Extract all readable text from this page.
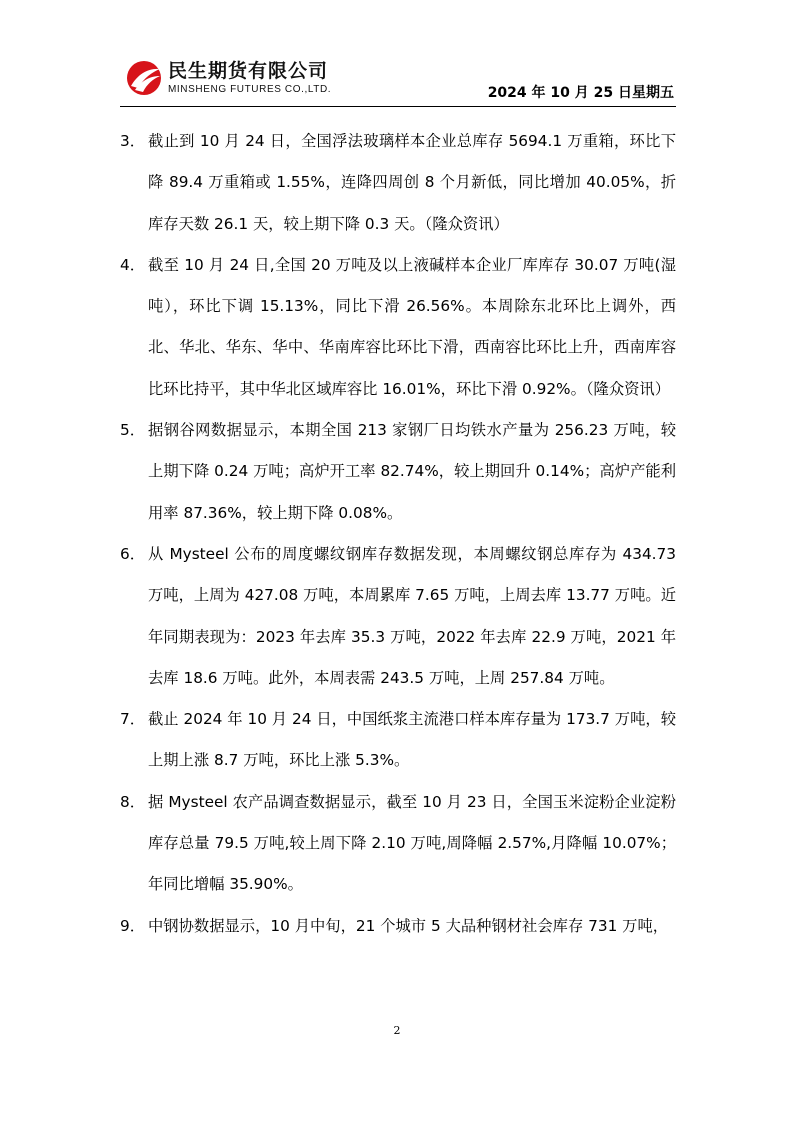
民生期货有限公司
MINSHENG FUTURES CO.,LTD.	2024 年 10 月 25 日星期五
3． 截止到 10 月 24 日，全国浮法玻璃样本企业总库存 5694.1 万重箱，环比下降 89.4 万重箱或 1.55%，连降四周创 8 个月新低，同比增加 40.05%，折库存天数 26.1 天，较上期下降 0.3 天。（隆众资讯）
4． 截至 10 月 24 日,全国 20 万吨及以上液碱样本企业厂库库存 30.07 万吨(湿吨），环比下调 15.13%，同比下滑 26.56%。本周除东北环比上调外，西北、华北、华东、华中、华南库容比环比下滑，西南容比环比上升，西南库容比环比持平，其中华北区域库容比 16.01%，环比下滑 0.92%。（隆众资讯）
5． 据钢谷网数据显示，本期全国 213 家钢厂日均铁水产量为 256.23 万吨，较上期下降 0.24 万吨；高炉开工率 82.74%，较上期回升 0.14%；高炉产能利用率 87.36%，较上期下降 0.08%。
6． 从 Mysteel 公布的周度螺纹钢库存数据发现，本周螺纹钢总库存为 434.73 万吨，上周为 427.08 万吨，本周累库 7.65 万吨，上周去库 13.77 万吨。近年同期表现为：2023 年去库 35.3 万吨，2022 年去库 22.9 万吨，2021 年去库 18.6 万吨。此外，本周表需 243.5 万吨，上周 257.84 万吨。
7． 截止 2024 年 10 月 24 日，中国纸浆主流港口样本库存量为 173.7 万吨，较上期上涨 8.7 万吨，环比上涨 5.3%。
8． 据 Mysteel 农产品调查数据显示，截至 10 月 23 日，全国玉米淀粉企业淀粉库存总量 79.5 万吨,较上周下降 2.10 万吨,周降幅 2.57%,月降幅 10.07%；年同比增幅 35.90%。
9． 中钢协数据显示，10 月中旬，21 个城市 5 大品种钢材社会库存 731 万吨，
2
